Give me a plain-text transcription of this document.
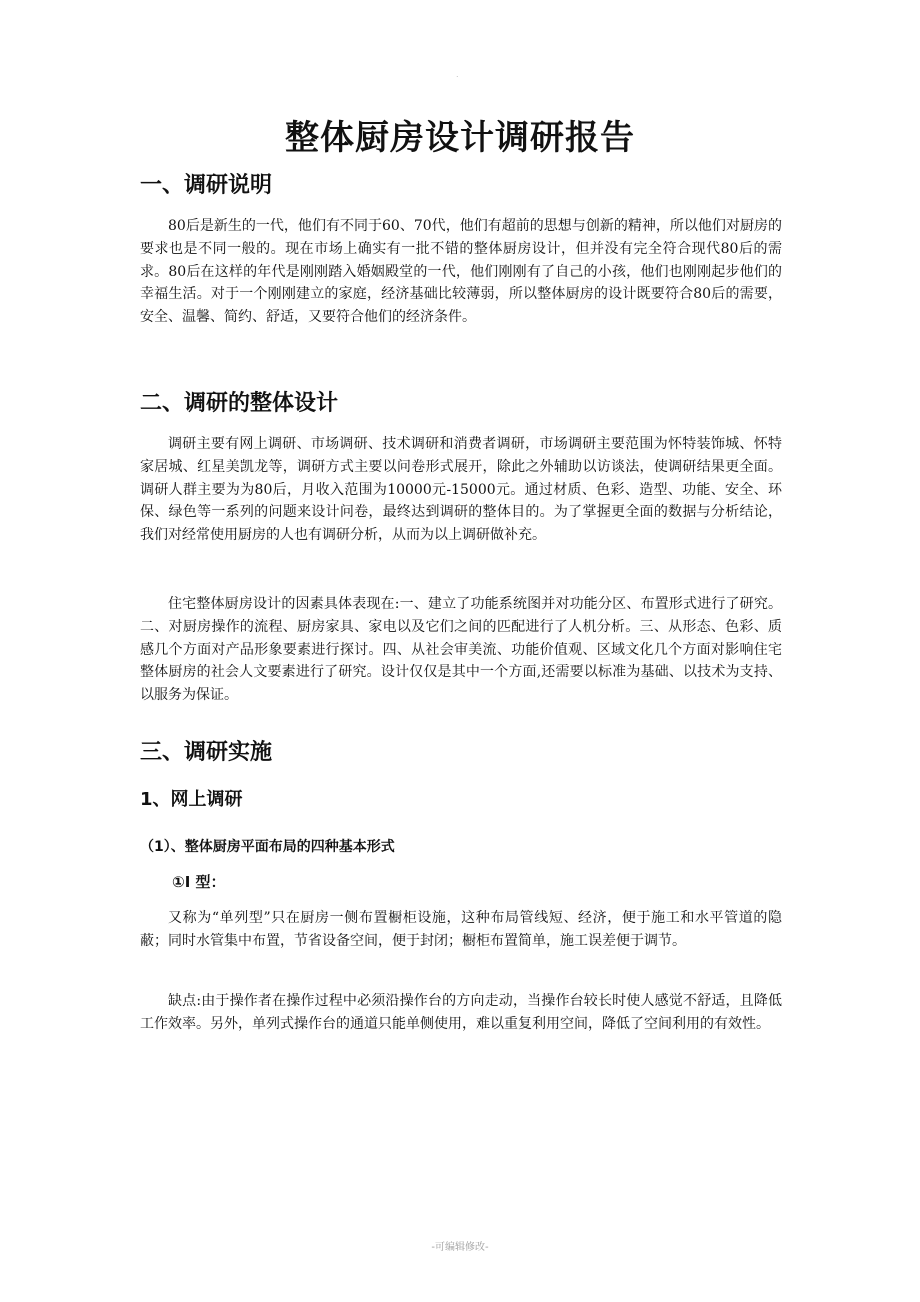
.
整体厨房设计调研报告
一、调研说明

80后是新生的一代，他们有不同于60、70代，他们有超前的思想与创新的精神，所以他们对厨房的要求也是不同一般的。现在市场上确实有一批不错的整体厨房设计，但并没有完全符合现代80后的需求。80后在这样的年代是刚刚踏入婚姻殿堂的一代，他们刚刚有了自己的小孩，他们也刚刚起步他们的幸福生活。对于一个刚刚建立的家庭，经济基础比较薄弱，所以整体厨房的设计既要符合80后的需要，安全、温馨、简约、舒适，又要符合他们的经济条件。

二、调研的整体设计

调研主要有网上调研、市场调研、技术调研和消费者调研，市场调研主要范围为怀特装饰城、怀特家居城、红星美凯龙等，调研方式主要以问卷形式展开，除此之外辅助以访谈法，使调研结果更全面。调研人群主要为为80后，月收入范围为10000元-15000元。通过材质、色彩、造型、功能、安全、环保、绿色等一系列的问题来设计问卷，最终达到调研的整体目的。为了掌握更全面的数据与分析结论，我们对经常使用厨房的人也有调研分析，从而为以上调研做补充。

住宅整体厨房设计的因素具体表现在:一、建立了功能系统图并对功能分区、布置形式进行了研究。二、对厨房操作的流程、厨房家具、家电以及它们之间的匹配进行了人机分析。三、从形态、色彩、质感几个方面对产品形象要素进行探讨。四、从社会审美流、功能价值观、区域文化几个方面对影响住宅整体厨房的社会人文要素进行了研究。设计仅仅是其中一个方面,还需要以标准为基础、以技术为支持、以服务为保证。

三、调研实施
1、网上调研
（1）、整体厨房平面布局的四种基本形式
①I 型：

又称为“单列型”只在厨房一侧布置橱柜设施，这种布局管线短、经济，便于施工和水平管道的隐蔽；同时水管集中布置，节省设备空间，便于封闭；橱柜布置简单，施工误差便于调节。

缺点:由于操作者在操作过程中必须沿操作台的方向走动，当操作台较长时使人感觉不舒适，且降低工作效率。另外，单列式操作台的通道只能单侧使用，难以重复利用空间，降低了空间利用的有效性。

-可编辑修改-
